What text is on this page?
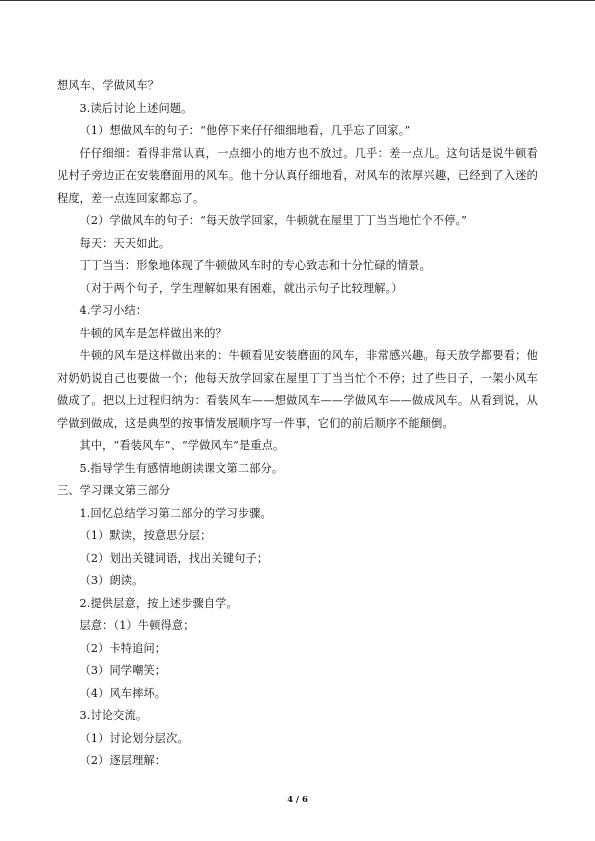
想风车、学做风车？

3.读后讨论上述问题。

（1）想做风车的句子：“他停下来仔仔细细地看，几乎忘了回家。”

仔仔细细：看得非常认真，一点细小的地方也不放过。几乎：差一点儿。这句话是说牛顿看见村子旁边正在安装磨面用的风车。他十分认真仔细地看，对风车的浓厚兴趣，已经到了入迷的程度，差一点连回家都忘了。

（2）学做风车的句子：“每天放学回家，牛顿就在屋里丁丁当当地忙个不停。”

每天：天天如此。

丁丁当当：形象地体现了牛顿做风车时的专心致志和十分忙碌的情景。

（对于两个句子，学生理解如果有困难，就出示句子比较理解。）

4.学习小结：

牛顿的风车是怎样做出来的？

牛顿的风车是这样做出来的：牛顿看见安装磨面的风车，非常感兴趣。每天放学都要看；他对奶奶说自己也要做一个；他每天放学回家在屋里丁丁当当忙个不停；过了些日子，一架小风车做成了。把以上过程归纳为：看装风车——想做风车——学做风车——做成风车。从看到说，从学做到做成，这是典型的按事情发展顺序写一件事，它们的前后顺序不能颠倒。

其中，“看装风车”、“学做风车”是重点。

5.指导学生有感情地朗读课文第二部分。

三、学习课文第三部分

1.回忆总结学习第二部分的学习步骤。

（1）默读，按意思分层；

（2）划出关键词语，找出关键句子；

（3）朗读。

2.提供层意，按上述步骤自学。

层意：（1）牛顿得意；

（2）卡特追问；

（3）同学嘲笑；

（4）风车摔坏。

3.讨论交流。

（1）讨论划分层次。

（2）逐层理解：

4 / 6
